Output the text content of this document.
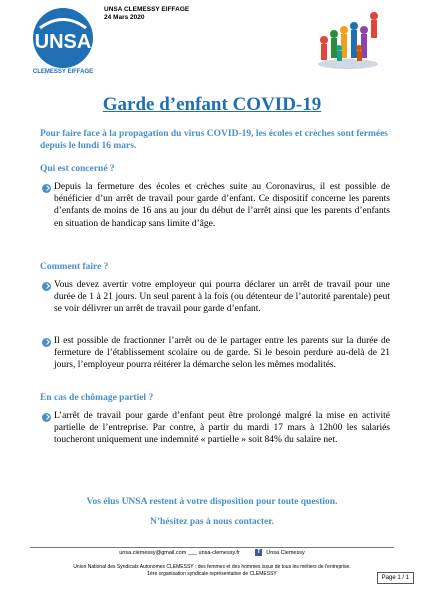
UNSA
CLEMESSY EIFFAGE
UNSA CLEMESSY EIFFAGE
24 Mars 2020
Garde d’enfant COVID-19
Pour faire face à la propagation du virus COVID-19, les écoles et crèches sont fermées depuis le lundi 16 mars.
Qui est concerné ?
Depuis la fermeture des écoles et crèches suite au Coronavirus, il est possible de bénéficier d’un arrêt de travail pour garde d’enfant. Ce dispositif concerne les parents d’enfants de moins de 16 ans au jour du début de l’arrêt ainsi que les parents d’enfants en situation de handicap sans limite d’âge.
Comment faire ?
Vous devez avertir votre employeur qui pourra déclarer un arrêt de travail pour une durée de 1 à 21 jours. Un seul parent à la fois (ou détenteur de l’autorité parentale) peut se voir délivrer un arrêt de travail pour garde d’enfant.
Il est possible de fractionner l’arrêt ou de le partager entre les parents sur la durée de fermeture de l’établissement scolaire ou de garde. Si le besoin perdure au-delà de 21 jours, l’employeur pourra réitérer la démarche selon les mêmes modalités.
En cas de chômage partiel ?
L’arrêt de travail pour garde d’enfant peut être prolongé malgré la mise en activité partielle de l’entreprise. Par contre, à partir du mardi 17 mars à 12h00 les salariés toucheront uniquement une indemnité « partielle » soit 84% du salaire net.
Vos élus UNSA restent à votre disposition pour toute question.
N’hésitez pas à nous contacter.
unsa.clemessy@gmail.com ___ unsa-clemessy.fr	f Unsa Clemessy
Union National des Syndicats Autonomes CLEMESSY : des femmes et des hommes issus de tous les métiers de l'entreprise.
1ère organisation syndicale représentative de CLEMESSY
Page 1 / 1
